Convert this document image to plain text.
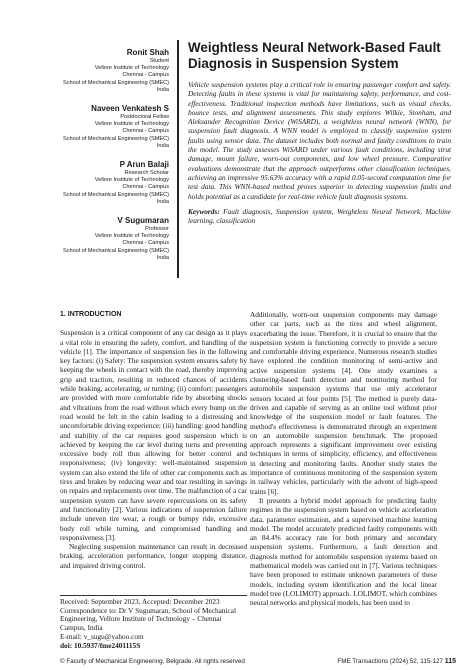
Ronit Shah
Student
Vellore Institute of Technology
Chennai - Campus
School of Mechanical Engineering (SMEC)
India
Naveen Venkatesh S
Postdoctoral Fellow
Vellore Institute of Technology
Chennai - Campus
School of Mechanical Engineering (SMEC)
India
P Arun Balaji
Research Scholar
Vellore Institute of Technology
Chennai - Campus
School of Mechanical Engineering (SMEC)
India
V Sugumaran
Professor
Vellore Institute of Technology
Chennai - Campus
School of Mechanical Engineering (SMEC)
India
Weightless Neural Network-Based Fault Diagnosis in Suspension System

Vehicle suspension systems play a critical role in ensuring passenger comfort and safety. Detecting faults in these systems is vital for maintaining safety, performance, and cost-effectiveness. Traditional inspection methods have limitations, such as visual checks, bounce tests, and alignment assessments. This study explores Wilkie, Stonham, and Aleksander Recognition Device (WiSARD), a weightless neural network (WNN), for suspension fault diagnosis. A WNN model is employed to classify suspension system faults using sensor data. The dataset includes both normal and faulty conditions to train the model. The study assesses WiSARD under various fault conditions, including strut damage, mount failure, worn-out components, and low wheel pressure. Comparative evaluations demonstrate that the approach outperforms other classification techniques, achieving an impressive 95.63% accuracy with a rapid 0.05-second computation time for test data. This WNN-based method proves superior in detecting suspension faults and holds potential as a candidate for real-time vehicle fault diagnosis systems.

Keywords: Fault diagnosis, Suspension system, Weightless Neural Network, Machine learning, classification

1. INTRODUCTION

Suspension is a critical component of any car design as it plays a vital role in ensuring the safety, comfort, and handling of the vehicle [1]. The importance of suspension lies in the following key factors: (i) Safety: The suspension system ensures safety by keeping the wheels in contact with the road, thereby improving grip and traction, resulting in reduced chances of accidents while braking, accelerating, or turning; (ii) comfort: passengers are provided with more comfortable ride by absorbing shocks and vibrations from the road without which every bump on the road would be felt in the cabin leading to a distressing and uncomfortable driving experience; (iii) handling: good handling and stability of the car requires good suspension which is achieved by keeping the car level during turns and preventing excessive body roll thus allowing for better control and responsiveness; (iv) longevity: well-maintained suspension system can also extend the life of other car components such as tires and brakes by reducing wear and tear resulting in savings on repairs and replacements over time. The malfunction of a car suspension system can have severe repercussions on its safety and functionality [2]. Various indications of suspension failure include uneven tire wear, a rough or bumpy ride, excessive body roll while turning, and compromised handling and responsiveness [3].

Neglecting suspension maintenance can result in decreased braking, acceleration performance, longer stopping distance, and impaired driving control.

Additionally, worn-out suspension components may damage other car parts, such as the tires and wheel alignment, exacerbating the issue. Therefore, it is crucial to ensure that the suspension system is functioning correctly to provide a secure and comfortable driving experience. Numerous research studies have explored the condition monitoring of semi-active and active suspension systems [4]. One study examines a clustering-based fault detection and monitoring method for automobile suspension systems that use only accelerator sensors located at four points [5]. The method is purely data-driven and capable of serving as an online tool without prior knowledge of the suspension model or fault features. The method's effectiveness is demonstrated through an experiment on an automobile suspension benchmark. The proposed approach represents a significant improvement over existing techniques in terms of simplicity, efficiency, and effectiveness in detecting and monitoring faults. Another study states the importance of continuous monitoring of the suspension system in railway vehicles, particularly with the advent of high-speed trains [6].

It presents a hybrid model approach for predicting faulty regimes in the suspension system based on vehicle acceleration data, parameter estimation, and a supervised machine learning model. The model accurately predicted faulty components with an 84.4% accuracy rate for both primary and secondary suspension systems. Furthermore, a fault detection and diagnosis method for automobile suspension systems based on mathematical models was carried out in [7]. Various techniques have been proposed to estimate unknown parameters of these models, including system identification and the local linear model tree (LOLIMOT) approach. LOLIMOT, which combines neural networks and physical models, has been used to

Received: September 2023, Accepted: December 2023
Correspondence to: Dr V Sugumaran, School of Mechanical Engineering, Vellore Institute of Technology – Chennai Campus, India
E-mail: v_sugu@yahoo.com
doi: 10.5937/fme2401115S
© Faculty of Mechanical Engineering, Belgrade. All rights reserved	FME Transactions (2024) 52, 115-127 115
